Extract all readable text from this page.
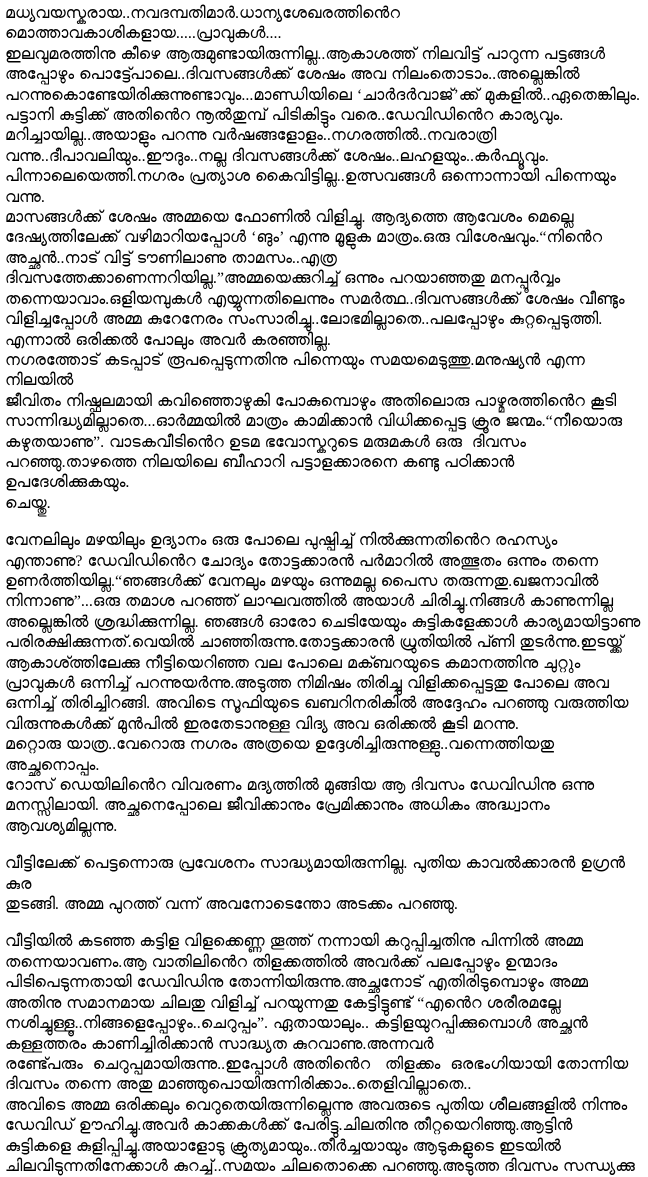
മധ്യവയസ്കരായ..നവദമ്പതിമാർ.ധാന്യശേഖരത്തിൻെറ  മൊത്താവകാശികളായ.....പ്രാവുകൾ....
ഇലവുമരത്തിനു കീഴെ ആരുമുണ്ടായിരുന്നില്ല..ആകാശത്ത് നിലവിട്ട് പാറുന്ന പട്ടങ്ങൾ
അപ്പോഴും പൊട്ട്പോലെ..ദിവസങ്ങൾക്ക് ശേഷം അവ നിലംതൊടാം..അല്ലെങ്കിൽ
പറന്നുകൊണ്ടേയിരിക്കുന്നുണ്ടാവും...മാണ്ഡിയിലെ ‘ചാർദർവാജ്’ക്ക് മുകളിൽ..ഏതെങ്കിലും.
പട്ടാനി കുട്ടിക്ക് അതിൻെറ നൂൽതുമ്പ് പിടികിട്ടും വരെ..ഡേവിഡിൻെറ കാര്യവും.
മറിച്ചായില്ല..അയാളും പറന്നു വർഷങ്ങളോളം..നഗരത്തിൽ..നവരാത്രി
വന്നു..ദീപാവലിയും..ഈദും..നല്ല ദിവസങ്ങൾക്ക് ശേഷം..ലഹളയും..കർഫ്യൂവും.
പിന്നാലെയെത്തി.നഗരം പ്രത്യാശ കൈവിട്ടില്ല..ഉത്സവങ്ങൾ ഒന്നൊന്നായി പിന്നെയും വന്നു.
മാസങ്ങൾക്ക് ശേഷം അമ്മയെ ഫോണിൽ വിളിച്ചു. ആദ്യത്തെ ആവേശം മെല്ലെ
ദേഷ്യത്തിലേക്ക് വഴിമാറിയപ്പോൾ ‘ങും’ എന്നു മൂളുക മാത്രം.ഒരു വിശേഷവും.“നിൻെറ
അച്ഛൻ..നാട് വിട്ട് ടൗണിലാണു താമസം..എത്ര
ദിവസത്തേക്കാണെന്നറിയില്ല.”അമ്മയെക്കുറിച്ച് ഒന്നും പറയാഞ്ഞതു മനപ്പൂർവ്വം
തന്നെയാവാം.ഒളിയമ്പുകൾ എയ്യുന്നതിലെന്നും സമർത്ഥ..ദിവസങ്ങൾക്ക് ശേഷം വീണ്ടും
വിളിച്ചപ്പോൾ അമ്മ കുറേനേരം സംസാരിച്ചു..ലോഭമില്ലാതെ..പലപ്പോഴും കുറ്റപ്പെടുത്തി.
എന്നാൽ ഒരിക്കൽ പോലും അവർ കരഞ്ഞില്ല.
നഗരത്തോട് കടപ്പാട് രൂപപ്പെടുന്നതിനു പിന്നെയും സമയമെടുത്തു.മനുഷ്യൻ എന്ന നിലയിൽ
ജീവിതം നിഷ്ഫലമായി കവിഞ്ഞൊഴുകി പോകുമ്പൊഴും അതിലൊരു പാഴ്മരത്തിൻെറ കൂടി
സാന്നിദ്ധ്യമില്ലാതെ...ഓർമ്മയിൽ മാത്രം കാമിക്കാൻ വിധിക്കപ്പെട്ട ക്രൂര ജന്മം.“നീയൊരു
കഴുതയാണു”. വാടകവീടിൻെറ ഉടമ ഭവോസ്കറുടെ മരുമകൾ ഒരു  ദിവസം
പറഞ്ഞു.താഴത്തെ നിലയിലെ ബീഹാറി പട്ടാളക്കാരനെ കണ്ടു പഠിക്കാൻ ഉപദേശിക്കുകയും.
ചെയ്തു.
വേനലിലും മഴയിലും ഉദ്യാനം ഒരു പോലെ പുഷ്പിച്ച് നിൽക്കുന്നതിൻെറ രഹസ്യം
എന്താണു? ഡേവിഡിൻെറ ചോദ്യം തോട്ടക്കാരൻ പർമാറിൽ അത്ഭുതം ഒന്നും തന്നെ
ഉണർത്തിയില്ല.“ഞങ്ങൾക്ക് വേനലും മഴയും ഒന്നുമല്ല പൈസ തരുന്നതു.ഖജനാവിൽ
നിന്നാണു”...ഒരു തമാശ പറഞ്ഞ് ലാഘവത്തിൽ അയാൾ ചിരിച്ചു.നിങ്ങൾ കാണുന്നില്ല
അല്ലെങ്കിൽ ശ്രദ്ധിക്കുന്നില്ല. ഞങ്ങൾ ഓരോ ചെടിയേയും കുട്ടികളേക്കാൾ കാര്യമായിട്ടാണു
പരിരക്ഷിക്കുന്നത്.വെയിൽ ചാഞ്ഞിരുന്നു.തോട്ടക്കാരൻ ധ്രുതിയിൽ പ്ണി തുടർന്നു.ഇടയ്ക്ക്
ആകാശ്ത്തിലേക്കു നീട്ടിയെറിഞ്ഞ വല പോലെ മക്ബറയുടെ കമാനത്തിനു ചുറ്റും
പ്രാവുകൾ ഒന്നിച്ച് പറന്നുയർന്നു.അടുത്ത നിമിഷം തിരിച്ചു വിളിക്കപ്പെട്ടതു പോലെ അവ
ഒന്നിച്ച് തിരിച്ചിറങ്ങി. അവിടെ സൂഫിയുടെ ഖബറിനരികിൽ അദ്ദേഹം പറഞ്ഞു വരുത്തിയ
വിരുന്നുകൾക്ക് മുൻപിൽ ഇരതേടാനുള്ള വിദ്യ അവ ഒരിക്കൽ കൂടി മറന്നു.
മറ്റൊരു യാത്ര..വേറൊരു നഗരം അത്രയെ ഉദ്ദേശിച്ചിരുന്നുള്ളു..വന്നെത്തിയതു അച്ഛനൊപ്പം.
റോസ് ഡെയിലിൻെറ വിവരണം മദ്യത്തിൽ മുങ്ങിയ ആ ദിവസം ഡേവിഡിനു ഒന്നു
മനസ്സിലായി. അച്ഛനെപ്പോലെ ജീവിക്കാനും പ്രേമിക്കാനും അധികം അദ്ധ്വാനം
ആവശ്യമില്ലന്നു.
വീട്ടിലേക്ക് പെട്ടന്നൊരു പ്രവേശനം സാദ്ധ്യമായിരുന്നില്ല. പുതിയ കാവൽക്കാരൻ ഉഗ്രൻ കുര
തുടങ്ങി. അമ്മ പുറത്ത് വന്ന് അവനോടെന്തോ അടക്കം പറഞ്ഞു.
വീട്ടിയിൽ കടഞ്ഞ കട്ടിള വിളക്കെണ്ണ തൂത്ത് നന്നായി കറുപ്പിച്ചതിനു പിന്നിൽ അമ്മ
തന്നെയാവണം.ആ വാതിലിൻെറ തിളക്കത്തിൽ അവർക്ക് പലപ്പോഴും ഉന്മാദം
പിടിപെടുന്നതായി ഡേവിഡിനു തോന്നിയിരുന്നു.അച്ഛനോട് എതിരിടുമ്പൊഴും അമ്മ
അതിനു സമാനമായ ചിലതു വിളിച്ച് പറയുന്നതു കേട്ടിട്ടുണ്ട് “എൻെറ ശരീരമല്ലേ
നശിച്ചുള്ളൂ..നിങ്ങളെപ്പോഴും..ചെറുപ്പം”. ഏതായാലും.. കട്ടിളയുറപ്പിക്കുമ്പൊൾ അച്ഛൻ
കള്ളത്തരം കാണിച്ചിരിക്കാൻ സാദ്ധ്യത കുറവാണു.അന്നവർ
രണ്ട്പേരും  ചെറുപ്പമായിരുന്നു..ഇപ്പോൾ അതിൻെറ   തിളക്കം  ഒരഭംഗിയായി തോന്നിയ
ദിവസം തന്നെ അതു മാഞ്ഞുപൊയിരുന്നിരിക്കാം..തെളിവില്ലാതെ..
അവിടെ അമ്മ ഒരിക്കലും വെറുതെയിരുന്നില്ലെന്നു അവരുടെ പുതിയ ശീലങ്ങളിൽ നിന്നും
ഡേവിഡ് ഊഹിച്ചു.അവർ കാക്കകൾക്ക് പേരിട്ടു.ചിലതിനു തീറ്റയെറിഞ്ഞു.ആട്ടിൻ
കുട്ടികളെ കുളിപ്പിച്ചു.അയാളോടു ക്രുത്യമായും..തീർച്ചയായും ആടുകളുടെ ഇടയിൽ
ചിലവിടുന്നതിനേക്കാൾ കുറച്ച്..സമയം ചിലതൊക്കെ പറഞ്ഞു.അടുത്ത ദിവസം സന്ധ്യക്കു
